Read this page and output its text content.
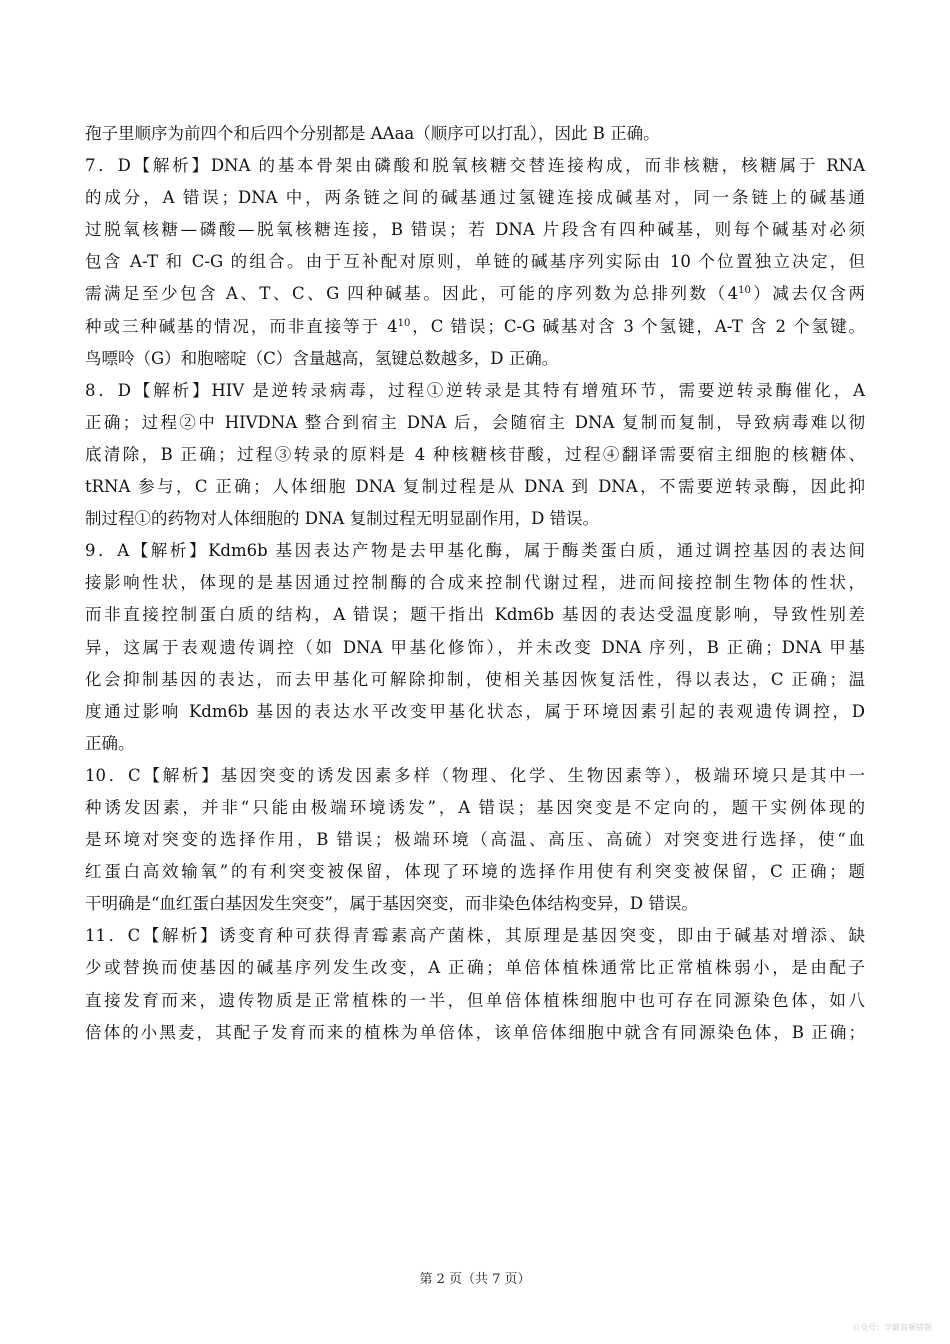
孢子里顺序为前四个和后四个分别都是 AAaa（顺序可以打乱），因此 B 正确。
7．D【解析】DNA 的基本骨架由磷酸和脱氧核糖交替连接构成，而非核糖，核糖属于 RNA
的成分，A 错误；DNA 中，两条链之间的碱基通过氢键连接成碱基对，同一条链上的碱基通
过脱氧核糖—磷酸—脱氧核糖连接，B 错误；若 DNA 片段含有四种碱基，则每个碱基对必须
包含 A-T 和 C-G 的组合。由于互补配对原则，单链的碱基序列实际由 10 个位置独立决定，但
需满足至少包含 A、T、C、G 四种碱基。因此，可能的序列数为总排列数$(4^{10})$减去仅含两
种或三种碱基的情况，而非直接等于 $4^{10}$，C 错误；C-G 碱基对含 3 个氢键，A-T 含 2 个氢键。
鸟嘌呤（G）和胞嘧啶（C）含量越高，氢键总数越多，D 正确。
8．D【解析】HIV 是逆转录病毒，过程①逆转录是其特有增殖环节，需要逆转录酶催化，A
正确；过程②中 HIVDNA 整合到宿主 DNA 后，会随宿主 DNA 复制而复制，导致病毒难以彻
底清除，B 正确；过程③转录的原料是 4 种核糖核苷酸，过程④翻译需要宿主细胞的核糖体、
tRNA 参与，C 正确；人体细胞 DNA 复制过程是从 DNA 到 DNA，不需要逆转录酶，因此抑
制过程①的药物对人体细胞的 DNA 复制过程无明显副作用，D 错误。
9．A【解析】Kdm6b 基因表达产物是去甲基化酶，属于酶类蛋白质，通过调控基因的表达间
接影响性状，体现的是基因通过控制酶的合成来控制代谢过程，进而间接控制生物体的性状，
而非直接控制蛋白质的结构，A 错误；题干指出 Kdm6b 基因的表达受温度影响，导致性别差
异，这属于表观遗传调控（如 DNA 甲基化修饰），并未改变 DNA 序列，B 正确；DNA 甲基
化会抑制基因的表达，而去甲基化可解除抑制，使相关基因恢复活性，得以表达，C 正确；温
度通过影响 Kdm6b 基因的表达水平改变甲基化状态，属于环境因素引起的表观遗传调控，D
正确。
10．C【解析】基因突变的诱发因素多样（物理、化学、生物因素等），极端环境只是其中一
种诱发因素，并非“只能由极端环境诱发”，A 错误；基因突变是不定向的，题干实例体现的
是环境对突变的选择作用，B 错误；极端环境（高温、高压、高硫）对突变进行选择，使“血
红蛋白高效输氧”的有利突变被保留，体现了环境的选择作用使有利突变被保留，C 正确；题
干明确是“血红蛋白基因发生突变”，属于基因突变，而非染色体结构变异，D 错误。
11．C【解析】诱变育种可获得青霉素高产菌株，其原理是基因突变，即由于碱基对增添、缺
少或替换而使基因的碱基序列发生改变，A 正确；单倍体植株通常比正常植株弱小，是由配子
直接发育而来，遗传物质是正常植株的一半，但单倍体植株细胞中也可存在同源染色体，如八
倍体的小黑麦，其配子发育而来的植株为单倍体，该单倍体细胞中就含有同源染色体，B 正确；
第 2 页（共 7 页）
公众号：学霸高频错题
